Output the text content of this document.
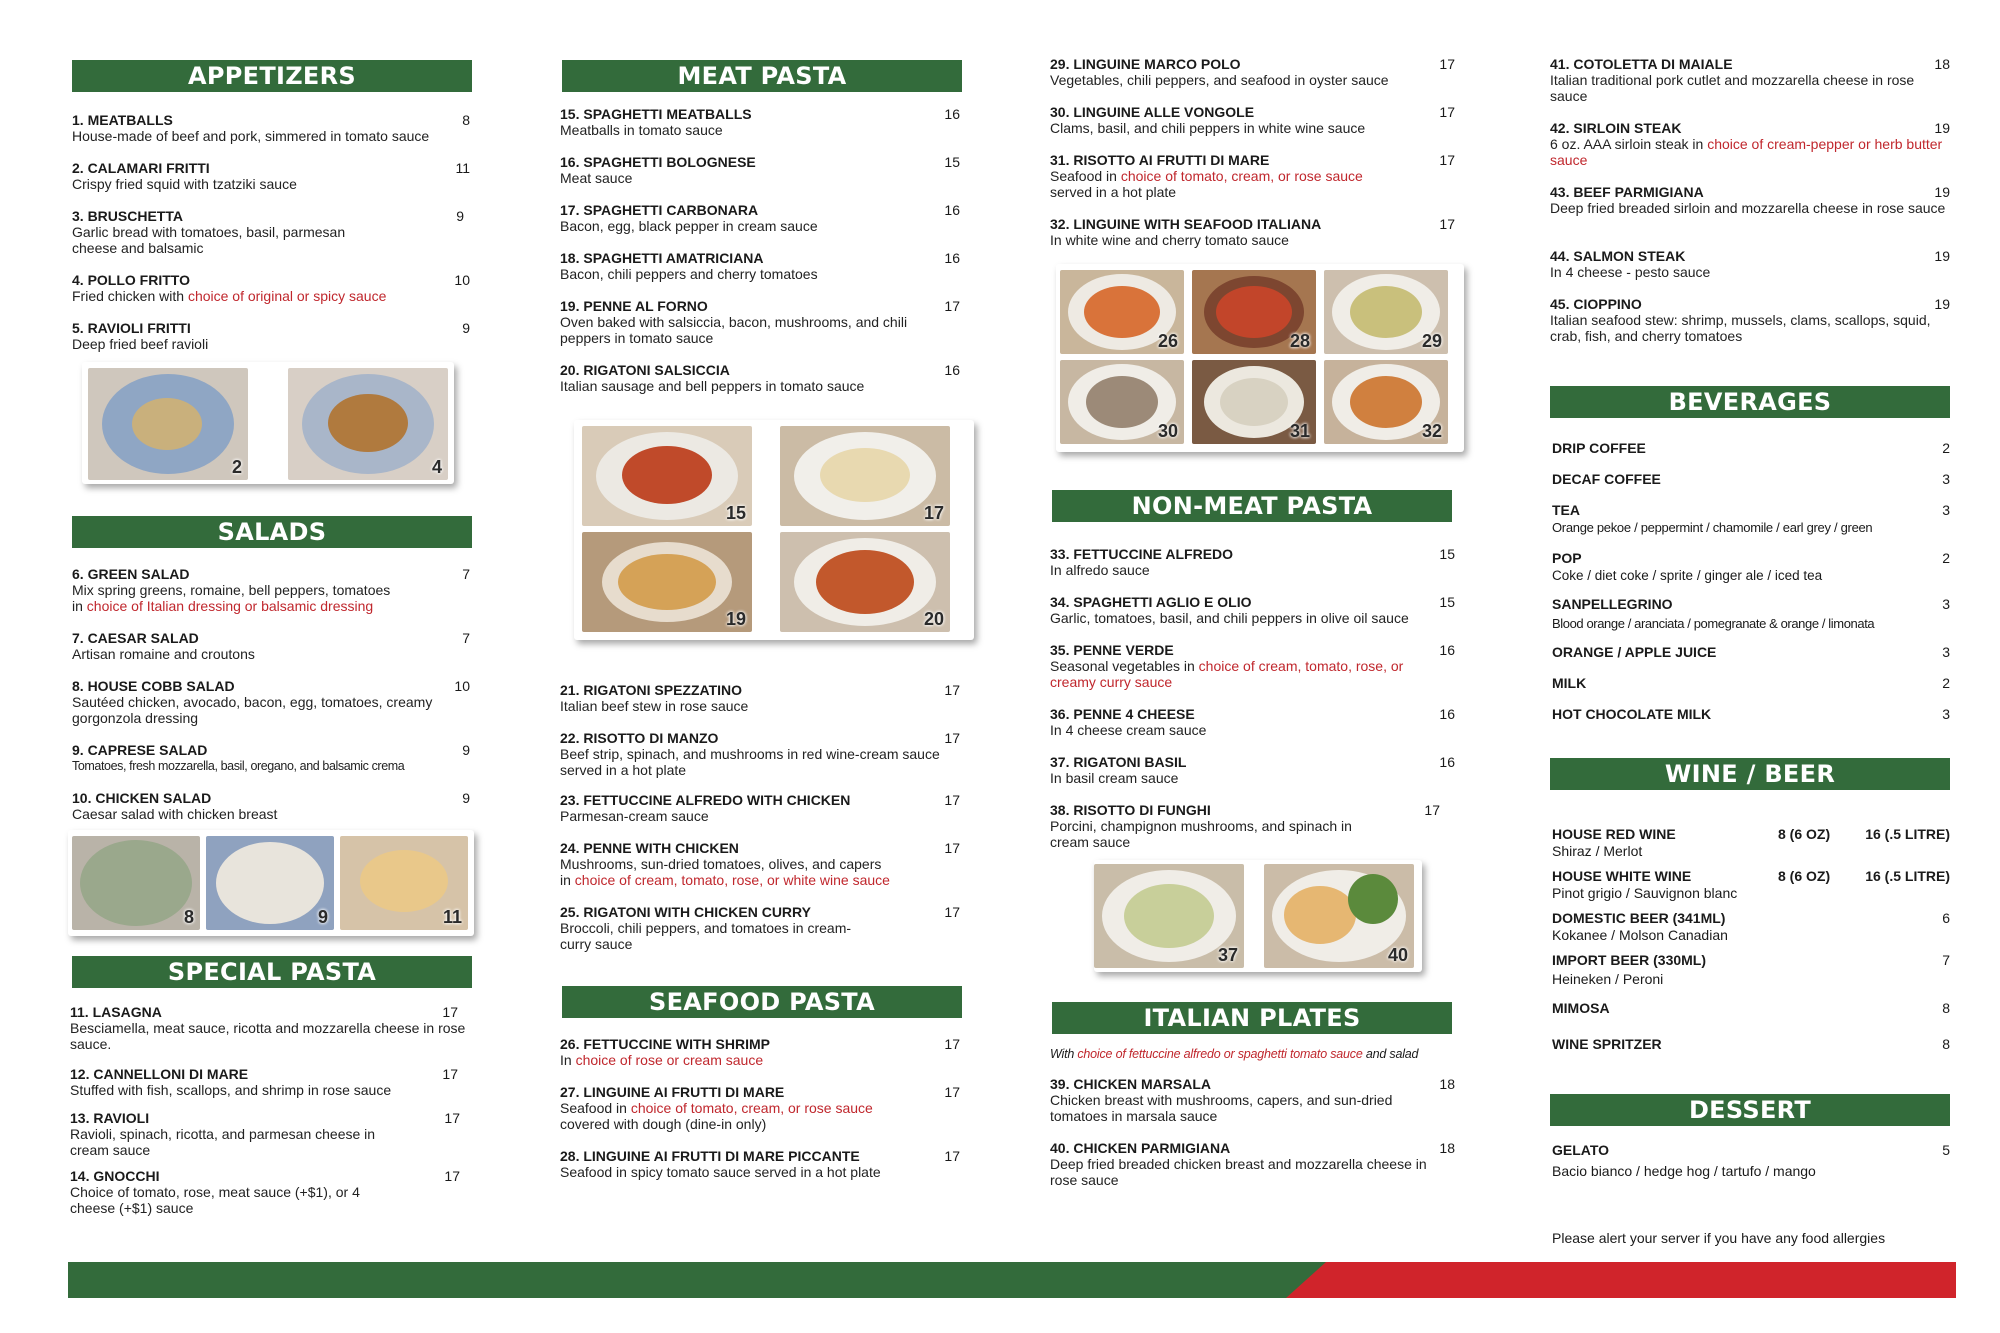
APPETIZERS
1. MEATBALLS	8
House-made of beef and pork, simmered in tomato sauce
2. CALAMARI FRITTI	11
Crispy fried squid with tzatziki sauce
3. BRUSCHETTA	9
Garlic bread with tomatoes, basil, parmesan cheese and balsamic
4. POLLO FRITTO	10
Fried chicken with choice of original or spicy sauce
5. RAVIOLI FRITTI	9
Deep fried beef ravioli
2	4
SALADS
6. GREEN SALAD	7
Mix spring greens, romaine, bell peppers, tomatoes
in choice of Italian dressing or balsamic dressing
7. CAESAR SALAD	7
Artisan romaine and croutons
8. HOUSE COBB SALAD	10
Sautéed chicken, avocado, bacon, egg, tomatoes, creamy gorgonzola dressing
9. CAPRESE SALAD	9
Tomatoes, fresh mozzarella, basil, oregano, and balsamic crema
10. CHICKEN SALAD	9
Caesar salad with chicken breast
8	9	11
SPECIAL PASTA
11. LASAGNA	17
Besciamella, meat sauce, ricotta and mozzarella cheese in rose sauce.
12. CANNELLONI DI MARE	17
Stuffed with fish, scallops, and shrimp in rose sauce
13. RAVIOLI	17
Ravioli, spinach, ricotta, and parmesan cheese in cream sauce
14. GNOCCHI	17
Choice of tomato, rose, meat sauce (+$1), or 4 cheese (+$1) sauce
MEAT PASTA
15. SPAGHETTI MEATBALLS	16
Meatballs in tomato sauce
16. SPAGHETTI BOLOGNESE	15
Meat sauce
17. SPAGHETTI CARBONARA	16
Bacon, egg, black pepper in cream sauce
18. SPAGHETTI AMATRICIANA	16
Bacon, chili peppers and cherry tomatoes
19. PENNE AL FORNO	17
Oven baked with salsiccia, bacon, mushrooms, and chili peppers in tomato sauce
20. RIGATONI SALSICCIA	16
Italian sausage and bell peppers in tomato sauce
15	17
19	20
21. RIGATONI SPEZZATINO	17
Italian beef stew in rose sauce
22. RISOTTO DI MANZO	17
Beef strip, spinach, and mushrooms in red wine-cream sauce served in a hot plate
23. FETTUCCINE ALFREDO WITH CHICKEN	17
Parmesan-cream sauce
24. PENNE WITH CHICKEN	17
Mushrooms, sun-dried tomatoes, olives, and capers
in choice of cream, tomato, rose, or white wine sauce
25. RIGATONI WITH CHICKEN CURRY	17
Broccoli, chili peppers, and tomatoes in cream-curry sauce
SEAFOOD PASTA
26. FETTUCCINE WITH SHRIMP	17
In choice of rose or cream sauce
27. LINGUINE AI FRUTTI DI MARE	17
Seafood in choice of tomato, cream, or rose sauce
covered with dough (dine-in only)
28. LINGUINE AI FRUTTI DI MARE PICCANTE	17
Seafood in spicy tomato sauce served in a hot plate
29. LINGUINE MARCO POLO	17
Vegetables, chili peppers, and seafood in oyster sauce
30. LINGUINE ALLE VONGOLE	17
Clams, basil, and chili peppers in white wine sauce
31. RISOTTO AI FRUTTI DI MARE	17
Seafood in choice of tomato, cream, or rose sauce
served in a hot plate
32. LINGUINE WITH SEAFOOD ITALIANA	17
In white wine and cherry tomato sauce
26	28	29
30	31	32
NON-MEAT PASTA
33. FETTUCCINE ALFREDO	15
In alfredo sauce
34. SPAGHETTI AGLIO E OLIO	15
Garlic, tomatoes, basil, and chili peppers in olive oil sauce
35. PENNE VERDE	16
Seasonal vegetables in choice of cream, tomato, rose, or creamy curry sauce
36. PENNE 4 CHEESE	16
In 4 cheese cream sauce
37. RIGATONI BASIL	16
In basil cream sauce
38. RISOTTO DI FUNGHI	17
Porcini, champignon mushrooms, and spinach in cream sauce
37	40
ITALIAN PLATES
With choice of fettuccine alfredo or spaghetti tomato sauce and salad
39. CHICKEN MARSALA	18
Chicken breast with mushrooms, capers, and sun-dried tomatoes in marsala sauce
40. CHICKEN PARMIGIANA	18
Deep fried breaded chicken breast and mozzarella cheese in rose sauce
41. COTOLETTA DI MAIALE	18
Italian traditional pork cutlet and mozzarella cheese in rose sauce
42. SIRLOIN STEAK	19
6 oz. AAA sirloin steak in choice of cream-pepper or herb butter sauce
43. BEEF PARMIGIANA	19
Deep fried breaded sirloin and mozzarella cheese in rose sauce
44. SALMON STEAK	19
In 4 cheese - pesto sauce
45. CIOPPINO	19
Italian seafood stew: shrimp, mussels, clams, scallops, squid, crab, fish, and cherry tomatoes
BEVERAGES
DRIP COFFEE	2
DECAF COFFEE	3
TEA	3
Orange pekoe / peppermint / chamomile / earl grey / green
POP	2
Coke / diet coke / sprite / ginger ale / iced tea
SANPELLEGRINO	3
Blood orange / aranciata / pomegranate & orange / limonata
ORANGE / APPLE JUICE	3
MILK	2
HOT CHOCOLATE MILK	3
WINE / BEER
HOUSE RED WINE	8 (6 OZ)	16 (.5 LITRE)
Shiraz / Merlot
HOUSE WHITE WINE	8 (6 OZ)	16 (.5 LITRE)
Pinot grigio / Sauvignon blanc
DOMESTIC BEER (341ML)	6
Kokanee / Molson Canadian
IMPORT BEER (330ML)	7
Heineken / Peroni
MIMOSA	8
WINE SPRITZER	8
DESSERT
GELATO	5
Bacio bianco / hedge hog / tartufo / mango
Please alert your server if you have any food allergies
